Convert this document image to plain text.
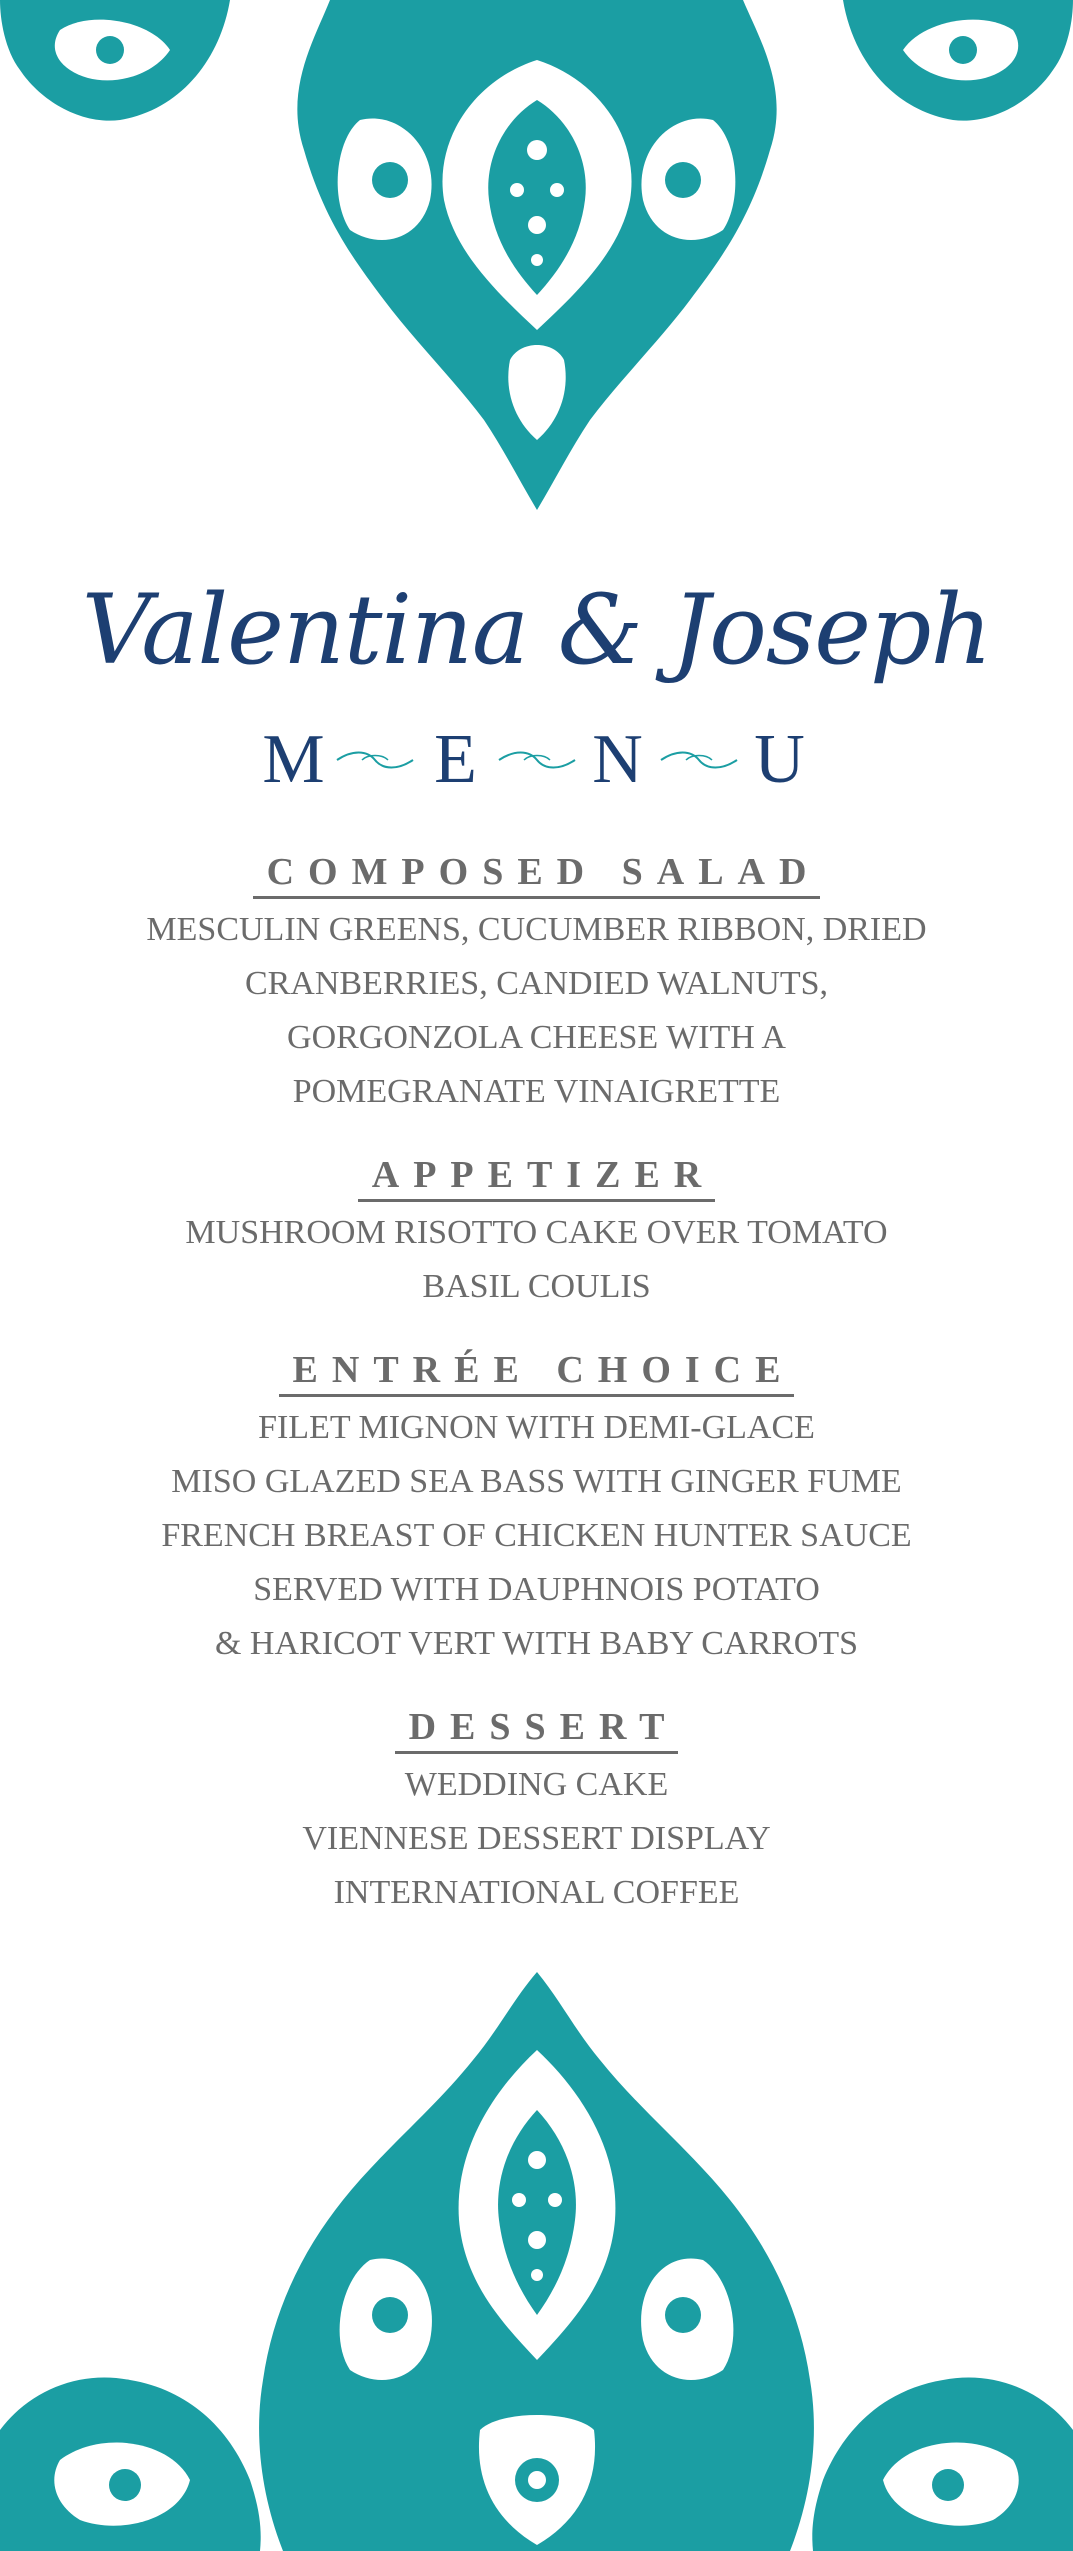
Valentina & Joseph
M E N U
COMPOSED SALAD
MESCULIN GREENS, CUCUMBER RIBBON, DRIED
CRANBERRIES, CANDIED WALNUTS,
GORGONZOLA CHEESE WITH A
POMEGRANATE VINAIGRETTE
APPETIZER
MUSHROOM RISOTTO CAKE OVER TOMATO
BASIL COULIS
ENTRÉE CHOICE
FILET MIGNON WITH DEMI-GLACE
MISO GLAZED SEA BASS WITH GINGER FUME
FRENCH BREAST OF CHICKEN HUNTER SAUCE
SERVED WITH DAUPHNOIS POTATO
& HARICOT VERT WITH BABY CARROTS
DESSERT
WEDDING CAKE
VIENNESE DESSERT DISPLAY
INTERNATIONAL COFFEE
